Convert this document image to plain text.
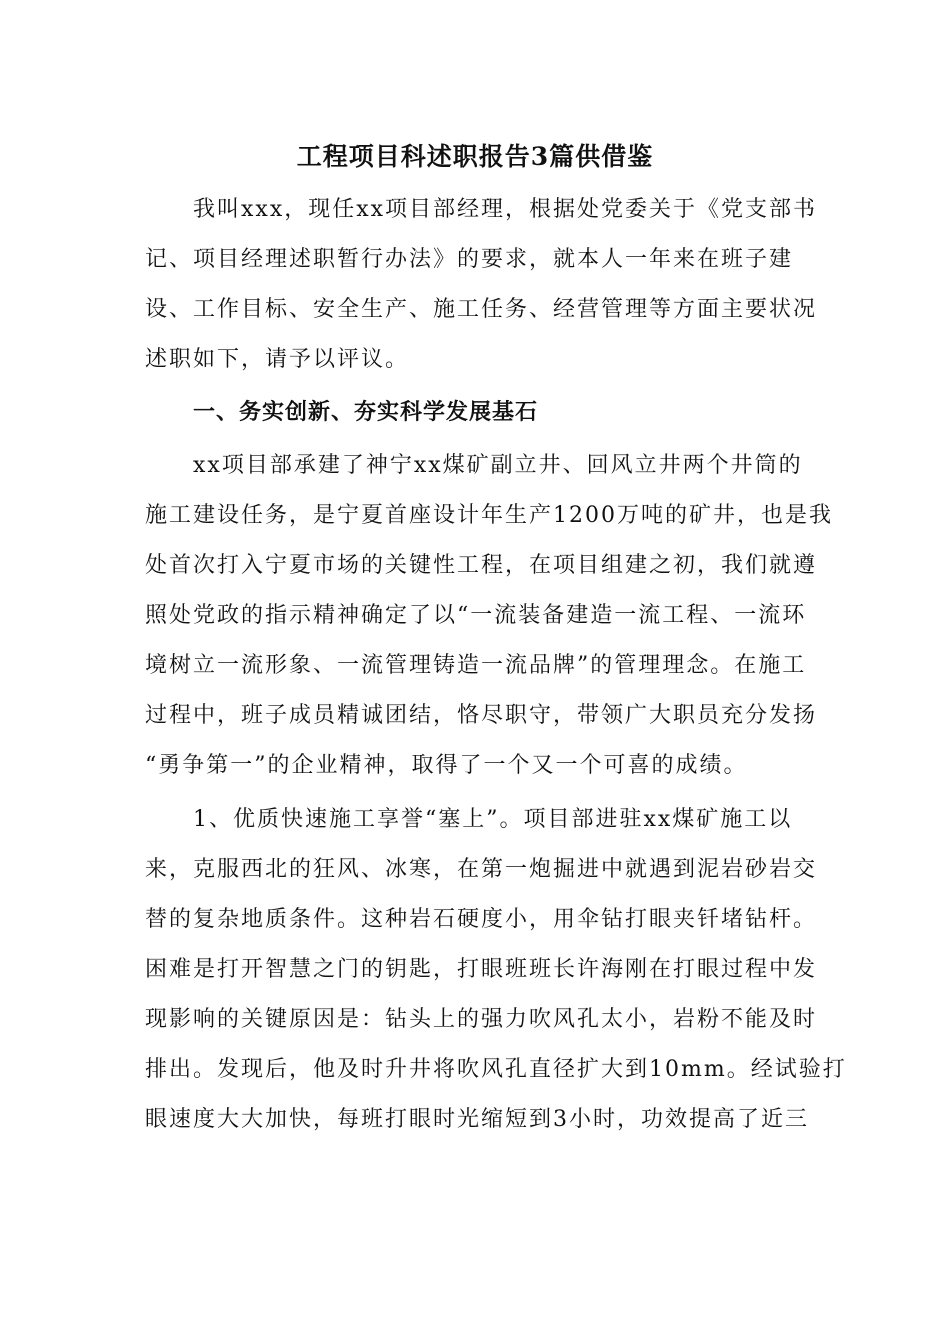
工程项目科述职报告3篇供借鉴
我叫xxx，现任xx项目部经理，根据处党委关于《党支部书
记、项目经理述职暂行办法》的要求，就本人一年来在班子建
设、工作目标、安全生产、施工任务、经营管理等方面主要状况
述职如下，请予以评议。
一、务实创新、夯实科学发展基石
xx项目部承建了神宁xx煤矿副立井、回风立井两个井筒的
施工建设任务，是宁夏首座设计年生产1200万吨的矿井，也是我
处首次打入宁夏市场的关键性工程，在项目组建之初，我们就遵
照处党政的指示精神确定了以“一流装备建造一流工程、一流环
境树立一流形象、一流管理铸造一流品牌”的管理理念。在施工
过程中，班子成员精诚团结，恪尽职守，带领广大职员充分发扬
“勇争第一”的企业精神，取得了一个又一个可喜的成绩。
1、优质快速施工享誉“塞上”。项目部进驻xx煤矿施工以
来，克服西北的狂风、冰寒，在第一炮掘进中就遇到泥岩砂岩交
替的复杂地质条件。这种岩石硬度小，用伞钻打眼夹钎堵钻杆。
困难是打开智慧之门的钥匙，打眼班班长许海刚在打眼过程中发
现影响的关键原因是：钻头上的强力吹风孔太小，岩粉不能及时
排出。发现后，他及时升井将吹风孔直径扩大到10mm。经试验打
眼速度大大加快，每班打眼时光缩短到3小时，功效提高了近三
